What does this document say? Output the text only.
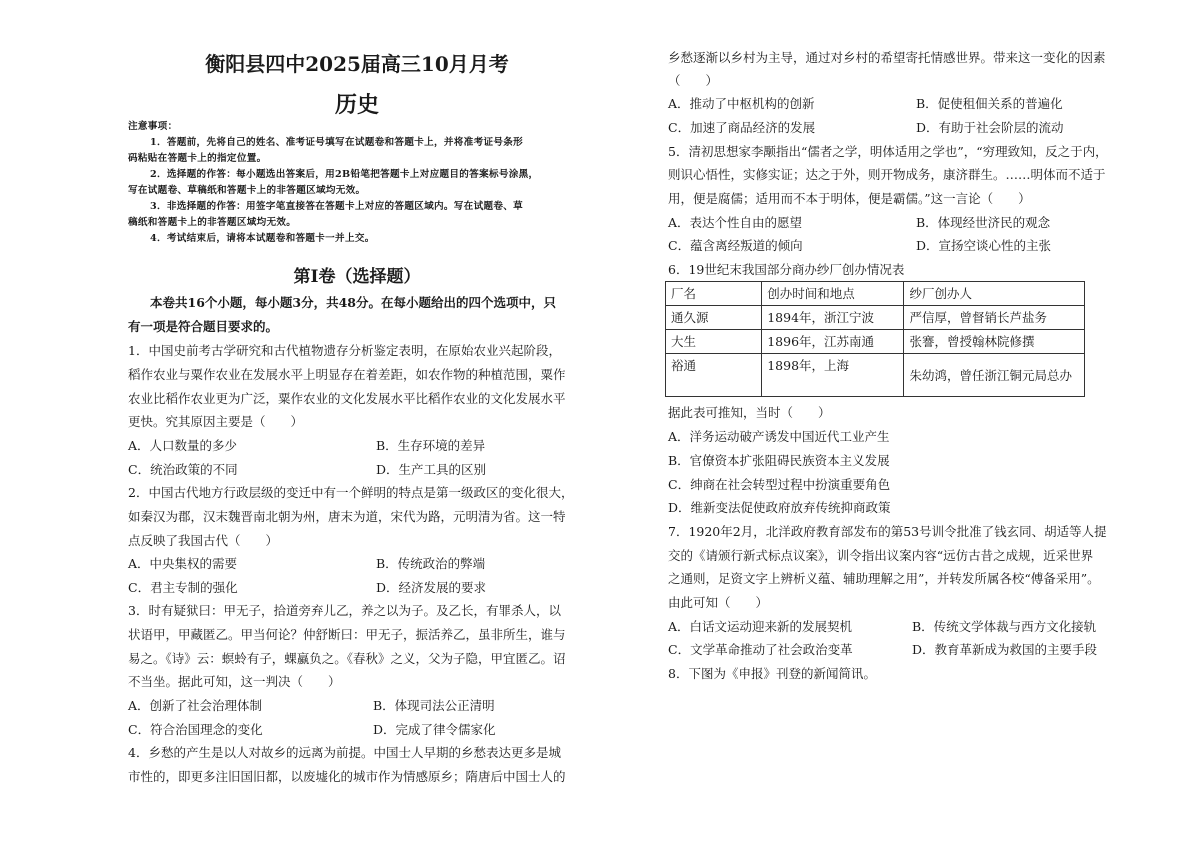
衡阳县四中2025届高三10月月考
历史
注意事项：
1．答题前，先将自己的姓名、准考证号填写在试题卷和答题卡上，并将准考证号条形
码粘贴在答题卡上的指定位置。
2．选择题的作答：每小题选出答案后，用2B铅笔把答题卡上对应题目的答案标号涂黑，
写在试题卷、草稿纸和答题卡上的非答题区域均无效。
3．非选择题的作答：用签字笔直接答在答题卡上对应的答题区域内。写在试题卷、草
稿纸和答题卡上的非答题区域均无效。
4．考试结束后，请将本试题卷和答题卡一并上交。
第Ⅰ卷（选择题）
本卷共16个小题，每小题3分，共48分。在每小题给出的四个选项中，只
有一项是符合题目要求的。
1．中国史前考古学研究和古代植物遗存分析鉴定表明，在原始农业兴起阶段，
稻作农业与粟作农业在发展水平上明显存在着差距，如农作物的种植范围，粟作
农业比稻作农业更为广泛，粟作农业的文化发展水平比稻作农业的文化发展水平
更快。究其原因主要是（　　）
A．人口数量的多少	B．生存环境的差异
C．统治政策的不同	D．生产工具的区别
2．中国古代地方行政层级的变迁中有一个鲜明的特点是第一级政区的变化很大，
如秦汉为郡，汉末魏晋南北朝为州，唐末为道，宋代为路，元明清为省。这一特
点反映了我国古代（　　）
A．中央集权的需要	B．传统政治的弊端
C．君主专制的强化	D．经济发展的要求
3．时有疑狱曰：甲无子，拾道旁弃儿乙，养之以为子。及乙长，有罪杀人，以
状语甲，甲藏匿乙。甲当何论？仲舒断曰：甲无子，振活养乙，虽非所生，谁与
易之。《诗》云：螟蛉有子，蜾蠃负之。《春秋》之义，父为子隐，甲宜匿乙。诏
不当坐。据此可知，这一判决（　　）
A．创新了社会治理体制	B．体现司法公正清明
C．符合治国理念的变化	D．完成了律令儒家化
4．乡愁的产生是以人对故乡的远离为前提。中国士人早期的乡愁表达更多是城
市性的，即更多注旧国旧都，以废墟化的城市作为情感原乡；隋唐后中国士人的
乡愁逐渐以乡村为主导，通过对乡村的希望寄托情感世界。带来这一变化的因素
（　　）
A．推动了中枢机构的创新	B．促使租佃关系的普遍化
C．加速了商品经济的发展	D．有助于社会阶层的流动
5．清初思想家李颙指出“儒者之学，明体适用之学也”，“穷理致知，反之于内，
则识心悟性，实修实证；达之于外，则开物成务，康济群生。……明体而不适于
用，便是腐儒；适用而不本于明体，便是霸儒。”这一言论（　　）
A．表达个性自由的愿望	B．体现经世济民的观念
C．蕴含离经叛道的倾向	D．宣扬空谈心性的主张
6．19世纪末我国部分商办纱厂创办情况表
厂名	创办时间和地点	纱厂创办人
通久源	1894年，浙江宁波	严信厚，曾督销长芦盐务
大生	1896年，江苏南通	张謇，曾授翰林院修撰
裕通	1898年，上海	朱幼鸿，曾任浙江铜元局总办
据此表可推知，当时（　　）
A．洋务运动破产诱发中国近代工业产生
B．官僚资本扩张阻碍民族资本主义发展
C．绅商在社会转型过程中扮演重要角色
D．维新变法促使政府放弃传统抑商政策
7．1920年2月，北洋政府教育部发布的第53号训令批准了钱玄同、胡适等人提
交的《请颁行新式标点议案》，训令指出议案内容“远仿古昔之成规，近采世界
之通则，足资文字上辨析义蕴、辅助理解之用”，并转发所属各校“傅备采用”。
由此可知（　　）
A．白话文运动迎来新的发展契机	B．传统文学体裁与西方文化接轨
C．文学革命推动了社会政治变革	D．教育革新成为救国的主要手段
8．下图为《申报》刊登的新闻简讯。
